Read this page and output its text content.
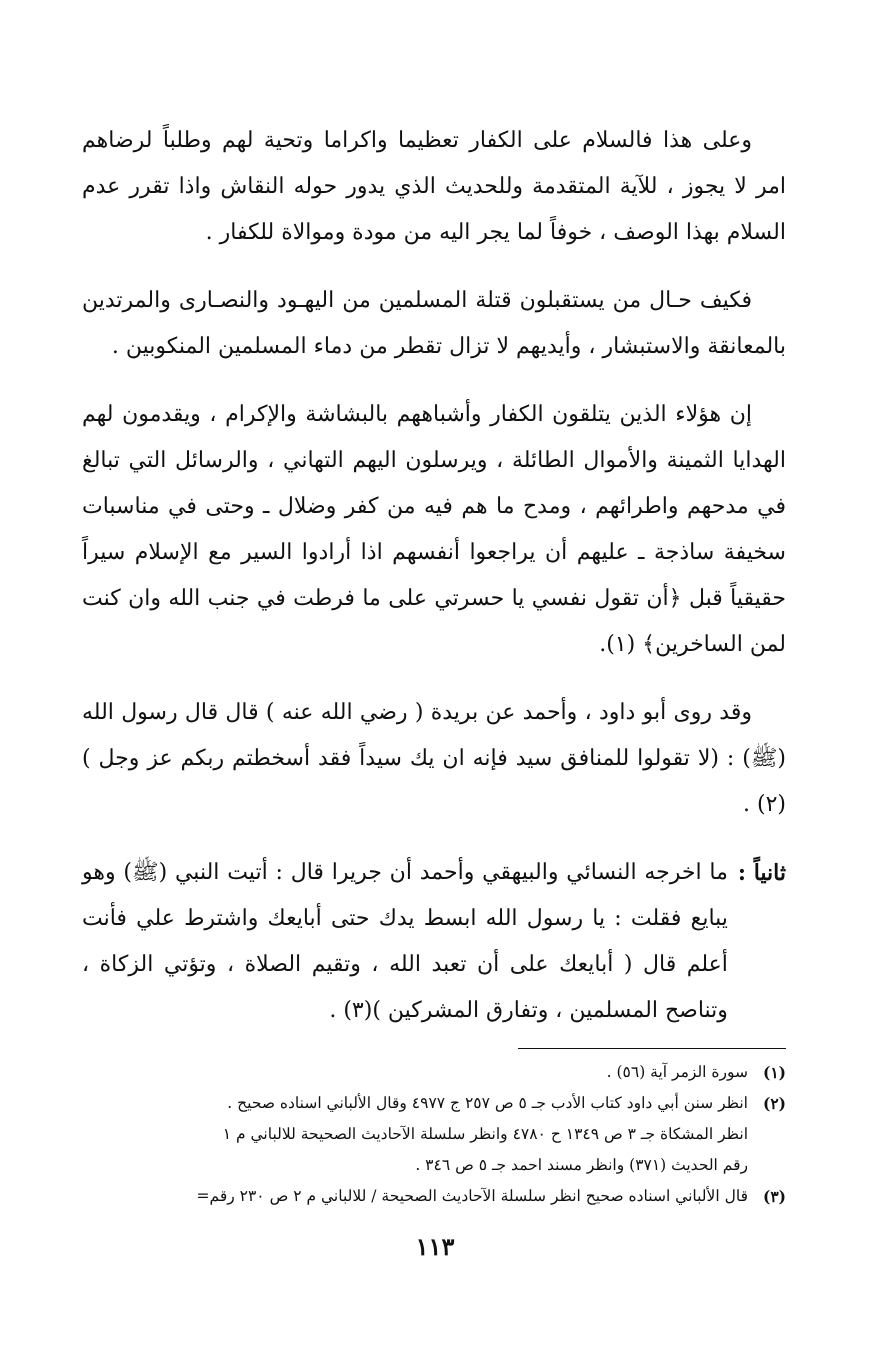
وعلى هذا فالسلام على الكفار تعظيما واكراما وتحية لهم وطلباً لرضاهم امر لا يجوز ، للآية المتقدمة وللحديث الذي يدور حوله النقاش واذا تقرر عدم السلام بهذا الوصف ، خوفاً لما يجر اليه من مودة وموالاة للكفار .

فكيف حـال من يستقبلون قتلة المسلمين من اليهـود والنصـارى والمرتدين بالمعانقة والاستبشار ، وأيديهم لا تزال تقطر من دماء المسلمين المنكوبين .

إن هؤلاء الذين يتلقون الكفار وأشباههم بالبشاشة والإكرام ، ويقدمون لهم الهدايا الثمينة والأموال الطائلة ، ويرسلون اليهم التهاني ، والرسائل التي تبالغ في مدحهم واطرائهم ، ومدح ما هم فيه من كفر وضلال ـ وحتى في مناسبات سخيفة ساذجة ـ عليهم أن يراجعوا أنفسهم اذا أرادوا السير مع الإسلام سيراً حقيقياً قبل ﴿أن تقول نفسي يا حسرتي على ما فرطت في جنب الله وان كنت لمن الساخرين﴾ (١).

وقد روى أبو داود ، وأحمد عن بريدة ( رضي الله عنه ) قال قال رسول الله (ﷺ) : (لا تقولوا للمنافق سيد فإنه ان يك سيداً فقد أسخطتم ربكم عز وجل )(٢) .

ثانياً :
ما اخرجه النسائي والبيهقي وأحمد أن جريرا قال : أتيت النبي (ﷺ) وهو يبايع فقلت : يا رسول الله ابسط يدك حتى أبايعك واشترط علي فأنت أعلم قال ( أبايعك على أن تعبد الله ، وتقيم الصلاة ، وتؤتي الزكاة ، وتناصح المسلمين ، وتفارق المشركين )(٣) .
(١)
سورة الزمر آية (٥٦) .
(٢)
انظر سنن أبي داود كتاب الأدب جـ ٥ ص ٢٥٧ ج ٤٩٧٧ وقال الألباني اسناده صحيح .
انظر المشكاة جـ ٣ ص ١٣٤٩ ح ٤٧٨٠ وانظر سلسلة الآحاديث الصحيحة للالباني م ١
رقم الحديث (٣٧١) وانظر مسند احمد جـ ٥ ص ٣٤٦ .
(٣)
قال الألباني اسناده صحيح انظر سلسلة الآحاديث الصحيحة / للالباني م ٢ ص ٢٣٠ رقم=
١١٣
